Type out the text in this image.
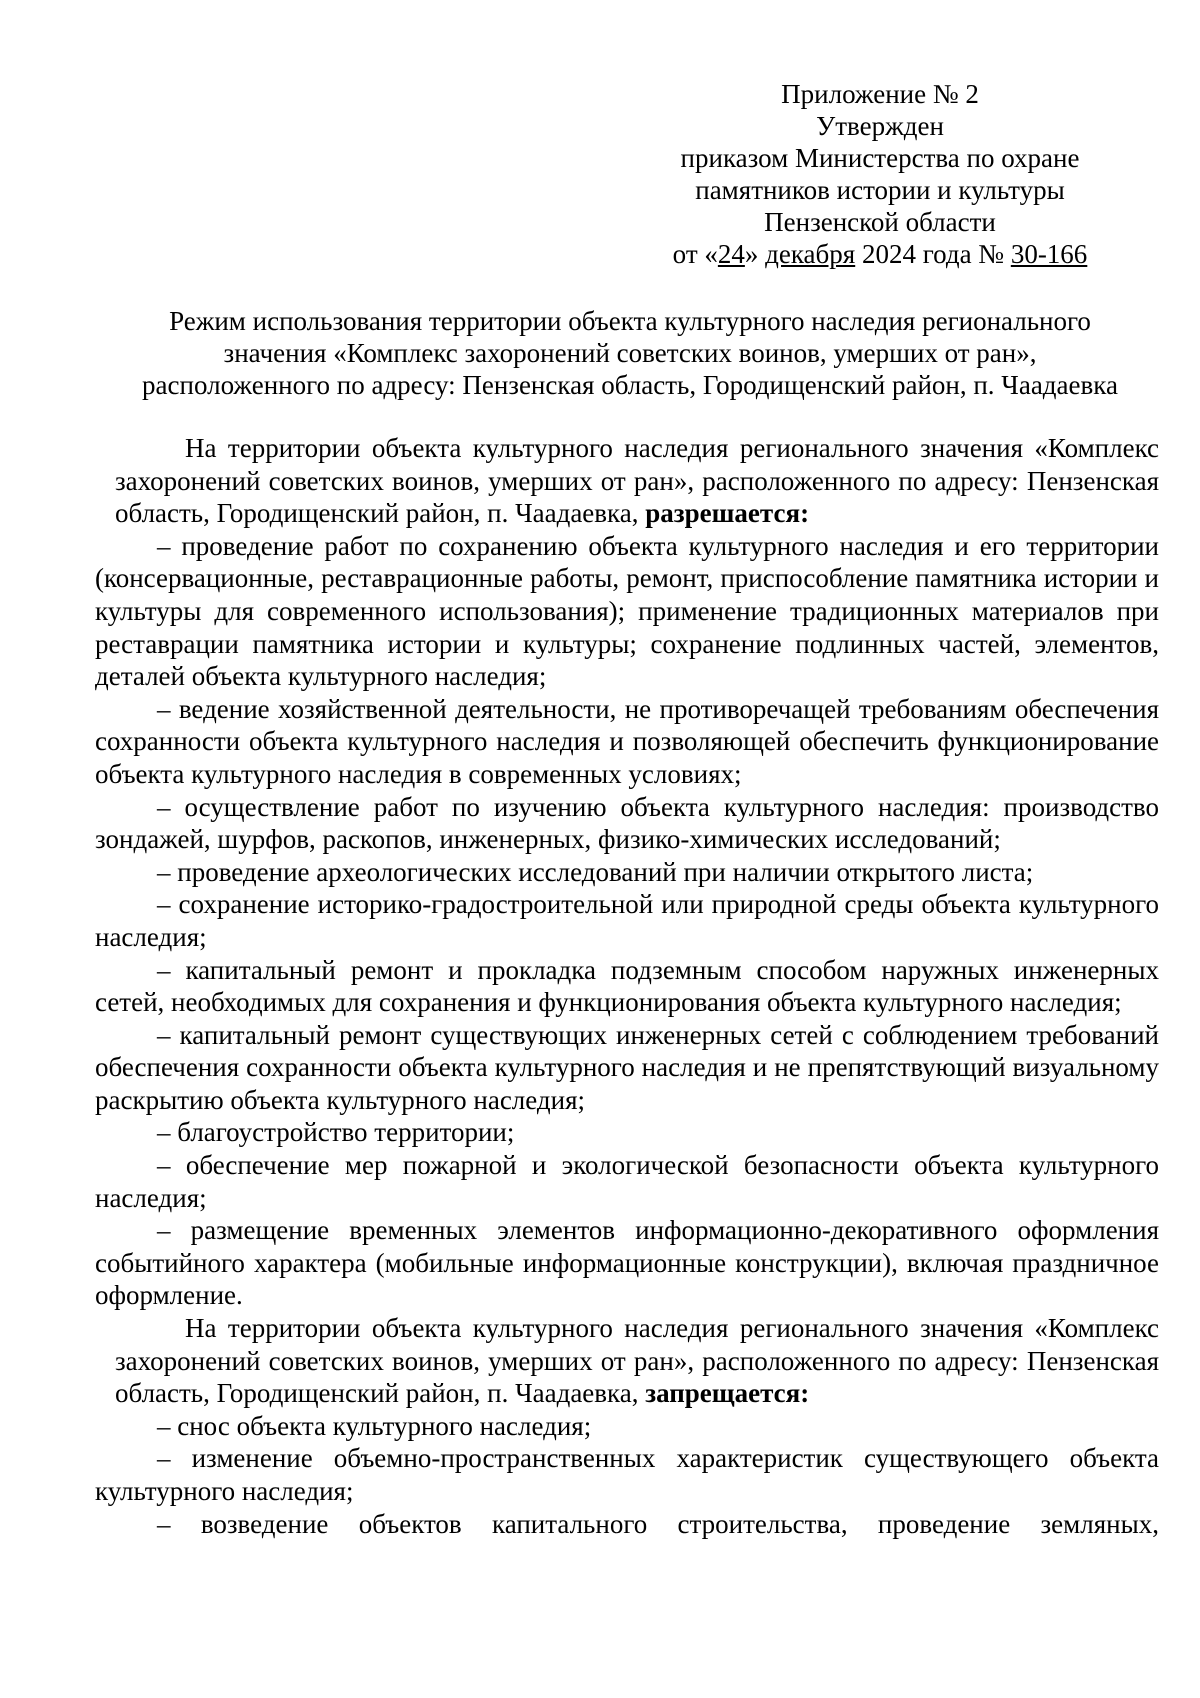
Приложение № 2
Утвержден
приказом Министерства по охране
памятников истории и культуры
Пензенской области
от «24» декабря 2024 года № 30-166
Режим использования территории объекта культурного наследия регионального
значения «Комплекс захоронений советских воинов, умерших от ран»,
расположенного по адресу: Пензенская область, Городищенский район, п. Чаадаевка

На территории объекта культурного наследия регионального значения «Комплекс захоронений советских воинов, умерших от ран», расположенного по адресу: Пензенская область, Городищенский район, п. Чаадаевка, разрешается:

– проведение работ по сохранению объекта культурного наследия и его территории (консервационные, реставрационные работы, ремонт, приспособление памятника истории и культуры для современного использования); применение традиционных материалов при реставрации памятника истории и культуры; сохранение подлинных частей, элементов, деталей объекта культурного наследия;

– ведение хозяйственной деятельности, не противоречащей требованиям обеспечения сохранности объекта культурного наследия и позволяющей обеспечить функционирование объекта культурного наследия в современных условиях;

– осуществление работ по изучению объекта культурного наследия: производство зондажей, шурфов, раскопов, инженерных, физико-химических исследований;

– проведение археологических исследований при наличии открытого листа;

– сохранение историко-градостроительной или природной среды объекта культурного наследия;

– капитальный ремонт и прокладка подземным способом наружных инженерных сетей, необходимых для сохранения и функционирования объекта культурного наследия;

– капитальный ремонт существующих инженерных сетей с соблюдением требований обеспечения сохранности объекта культурного наследия и не препятствующий визуальному раскрытию объекта культурного наследия;

– благоустройство территории;

– обеспечение мер пожарной и экологической безопасности объекта культурного наследия;

– размещение временных элементов информационно-декоративного оформления событийного характера (мобильные информационные конструкции), включая праздничное оформление.

На территории объекта культурного наследия регионального значения «Комплекс захоронений советских воинов, умерших от ран», расположенного по адресу: Пензенская область, Городищенский район, п. Чаадаевка, запрещается:

– снос объекта культурного наследия;

– изменение объемно-пространственных характеристик существующего объекта культурного наследия;

– возведение объектов капитального строительства, проведение земляных,
